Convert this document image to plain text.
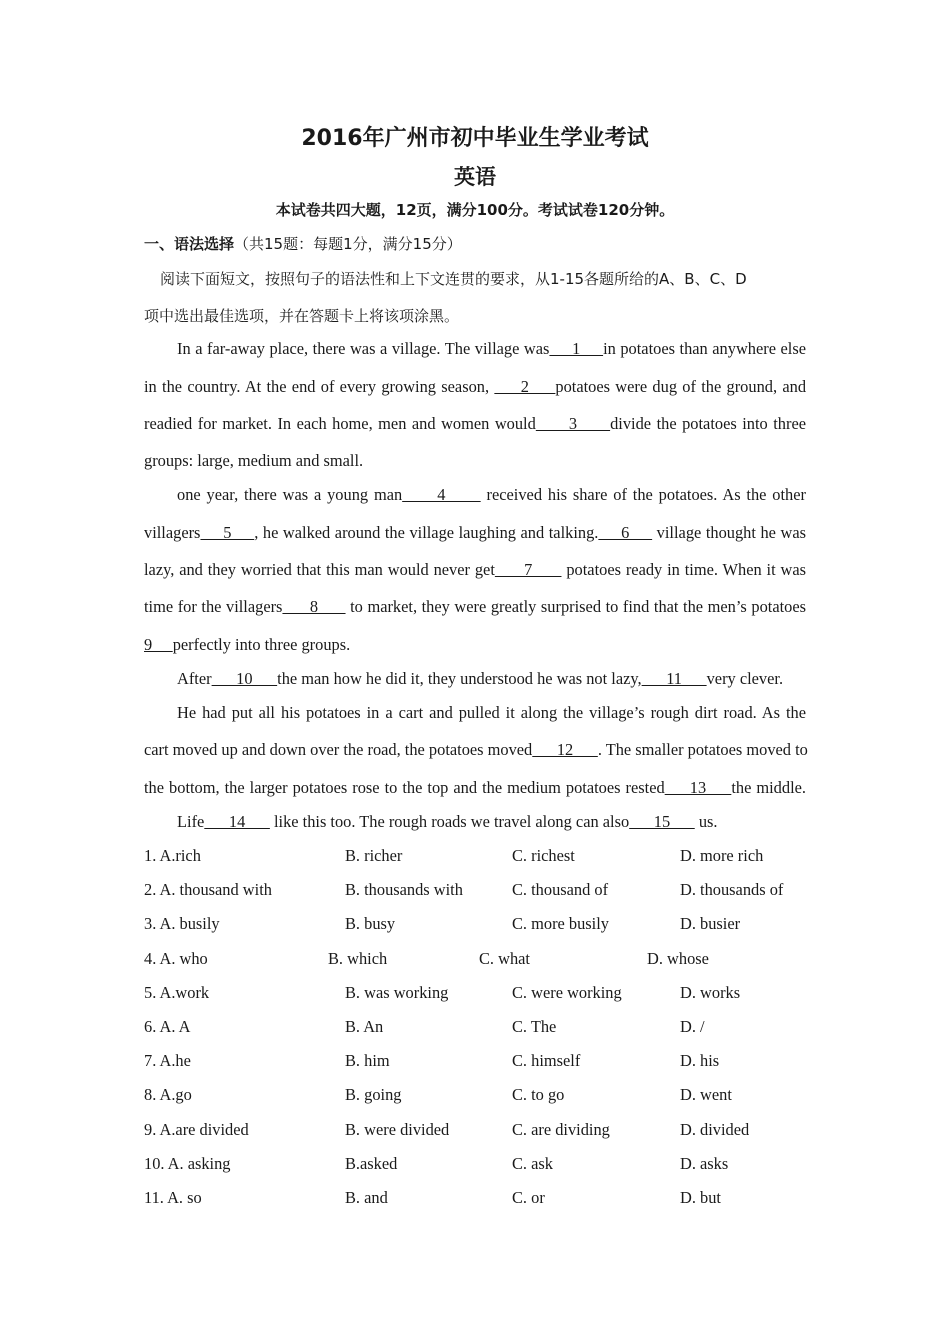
2016年广州市初中毕业生学业考试
英语
本试卷共四大题，12页，满分100分。考试试卷120分钟。
一、语法选择（共15题：每题1分，满分15分）
阅读下面短文，按照句子的语法性和上下文连贯的要求，从1-15各题所给的A、B、C、D
项中选出最佳选项，并在答题卡上将该项涂黑。
In a far-away place, there was a village. The village was     1     in potatoes than anywhere else
in the country. At the end of every growing season,      2     potatoes were dug of the ground, and
readied for market. In each home, men and women would      3      divide the potatoes into three
groups: large, medium and small.
one year, there was a young man      4       received his share of the potatoes. As the other
villagers     5     , he walked around the village laughing and talking.     6      village thought he was
lazy, and they worried that this man would never get      7       potatoes ready in time. When it was
time for the villagers      8       to market, they were greatly surprised to find that the men’s potatoes
9     perfectly into three groups.
After      10      the man how he did it, they understood he was not lazy,      11      very clever.
He had put all his potatoes in a cart and pulled it along the village’s rough dirt road. As the
cart moved up and down over the road, the potatoes moved      12      . The smaller potatoes moved to
the bottom, the larger potatoes rose to the top and the medium potatoes rested     13     the middle.
Life      14       like this too. The rough roads we travel along can also      15       us.
1. A.rich	B. richer	C. richest	D. more rich
2. A. thousand with	B. thousands with	C. thousand of	D. thousands of
3. A. busily	B. busy	C. more busily	D. busier
4. A. who	B. which	C. what	D. whose
5. A.work	B. was working	C. were working	D. works
6. A. A	B. An	C. The	D. /
7. A.he	B. him	C. himself	D. his
8. A.go	B. going	C. to go	D. went
9. A.are divided	B. were divided	C. are dividing	D. divided
10. A. asking	B.asked	C. ask	D. asks
11. A. so	B. and	C. or	D. but
